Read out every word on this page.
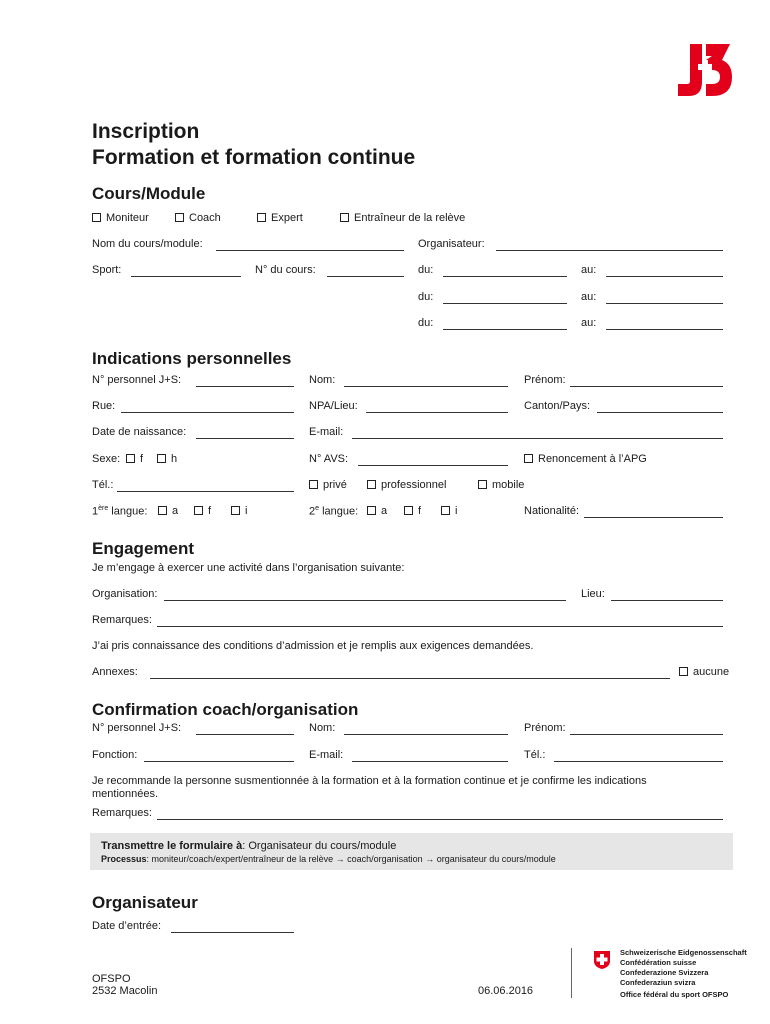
Inscription
Formation et formation continue
Cours/Module
Moniteur	Coach	Expert	Entraîneur de la relève
Nom du cours/module:	Organisateur:
Sport:	N° du cours:	du:	au:
du:	au:
du:	au:
Indications personnelles
N° personnel J+S:	Nom:	Prénom:
Rue:	NPA/Lieu:	Canton/Pays:
Date de naissance:	E-mail:
Sexe:	f	h	N° AVS:	Renoncement à l’APG
Tél.:	privé	professionnel	mobile
1ère langue:	a	f	i	2e langue:	a	f	i	Nationalité:
Engagement
Je m’engage à exercer une activité dans l’organisation suivante:
Organisation:	Lieu:
Remarques:
J’ai pris connaissance des conditions d’admission et je remplis aux exigences demandées.
Annexes:	aucune
Confirmation coach/organisation
N° personnel J+S:	Nom:	Prénom:
Fonction:	E-mail:	Tél.:
Je recommande la personne susmentionnée à la formation et à la formation continue et je confirme les indications
mentionnées.
Remarques:
Transmettre le formulaire à: Organisateur du cours/module
Processus: moniteur/coach/expert/entraîneur de la relève → coach/organisation → organisateur du cours/module
Organisateur
Date d’entrée:
OFSPO
2532 Macolin	06.06.2016
Schweizerische Eidgenossenschaft
Confédération suisse
Confederazione Svizzera
Confederaziun svizra
Office fédéral du sport OFSPO
